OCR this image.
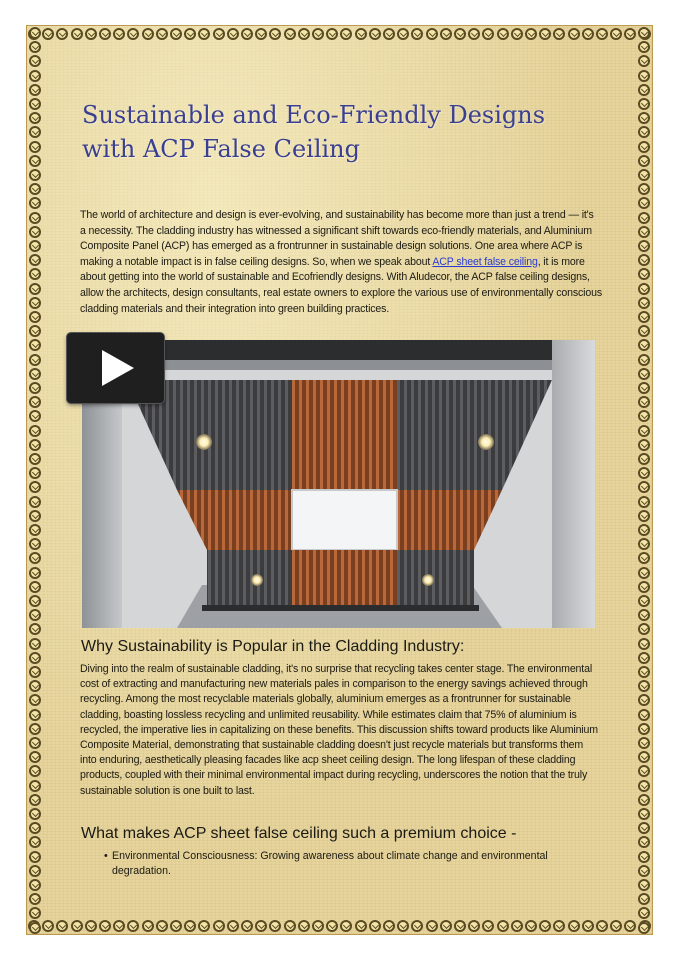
Sustainable and Eco-Friendly Designs with ACP False Ceiling

The world of architecture and design is ever-evolving, and sustainability has become more than just a trend — it's a necessity. The cladding industry has witnessed a significant shift towards eco-friendly materials, and Aluminium Composite Panel (ACP) has emerged as a frontrunner in sustainable design solutions. One area where ACP is making a notable impact is in false ceiling designs. So, when we speak about ACP sheet false ceiling, it is more about getting into the world of sustainable and Ecofriendly designs. With Aludecor, the ACP false ceiling designs, allow the architects, design consultants, real estate owners to explore the various use of environmentally conscious cladding materials and their integration into green building practices.

Why Sustainability is Popular in the Cladding Industry:

Diving into the realm of sustainable cladding, it's no surprise that recycling takes center stage. The environmental cost of extracting and manufacturing new materials pales in comparison to the energy savings achieved through recycling. Among the most recyclable materials globally, aluminium emerges as a frontrunner for sustainable cladding, boasting lossless recycling and unlimited reusability. While estimates claim that 75% of aluminium is recycled, the imperative lies in capitalizing on these benefits. This discussion shifts toward products like Aluminium Composite Material, demonstrating that sustainable cladding doesn't just recycle materials but transforms them into enduring, aesthetically pleasing facades like acp sheet ceiling design. The long lifespan of these cladding products, coupled with their minimal environmental impact during recycling, underscores the notion that the truly sustainable solution is one built to last.

What makes ACP sheet false ceiling such a premium choice -
• Environmental Consciousness: Growing awareness about climate change and environmental degradation.
